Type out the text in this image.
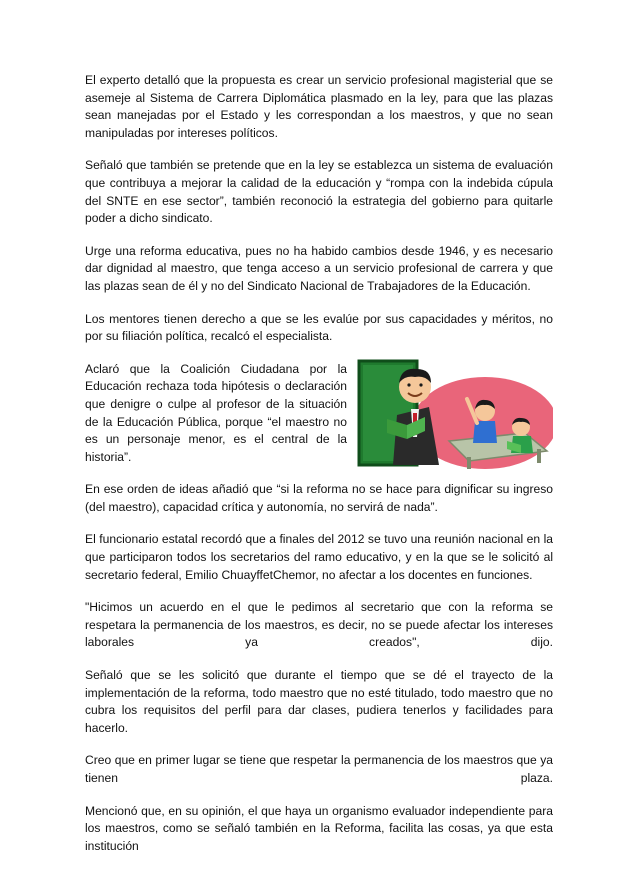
El experto detalló que la propuesta es crear un servicio profesional magisterial que se asemeje al Sistema de Carrera Diplomática plasmado en la ley, para que las plazas sean manejadas por el Estado y les correspondan a los maestros, y que no sean manipuladas por intereses políticos.

Señaló que también se pretende que en la ley se establezca un sistema de evaluación que contribuya a mejorar la calidad de la educación y “rompa con la indebida cúpula del SNTE en ese sector”, también reconoció la estrategia del gobierno para quitarle poder a dicho sindicato.

Urge una reforma educativa, pues no ha habido cambios desde 1946, y es necesario dar dignidad al maestro, que tenga acceso a un servicio profesional de carrera y que las plazas sean de él y no del Sindicato Nacional de Trabajadores de la Educación.

Los mentores tienen derecho a que se les evalúe por sus capacidades y méritos, no por su filiación política, recalcó el especialista.

Aclaró que la Coalición Ciudadana por la Educación rechaza toda hipótesis o declaración que denigre o culpe al profesor de la situación de la Educación Pública, porque “el maestro no es un personaje menor, es el central de la historia”.

En ese orden de ideas añadió que “si la reforma no se hace para dignificar su ingreso (del maestro), capacidad crítica y autonomía, no servirá de nada”.

El funcionario estatal recordó que a finales del 2012 se tuvo una reunión nacional en la que participaron todos los secretarios del ramo educativo, y en la que se le solicitó al secretario federal, Emilio ChuayffetChemor, no afectar a los docentes en funciones.

"Hicimos un acuerdo en el que le pedimos al secretario que con la reforma se respetara la permanencia de los maestros, es decir, no se puede afectar los intereses laborales ya creados", dijo.

Señaló que se les solicitó que durante el tiempo que se dé el trayecto de la implementación de la reforma, todo maestro que no esté titulado, todo maestro que no cubra los requisitos del perfil para dar clases, pudiera tenerlos y facilidades para hacerlo.

Creo que en primer lugar se tiene que respetar la permanencia de los maestros que ya tienen plaza.

Mencionó que, en su opinión, el que haya un organismo evaluador independiente para los maestros, como se señaló también en la Reforma, facilita las cosas, ya que esta institución
